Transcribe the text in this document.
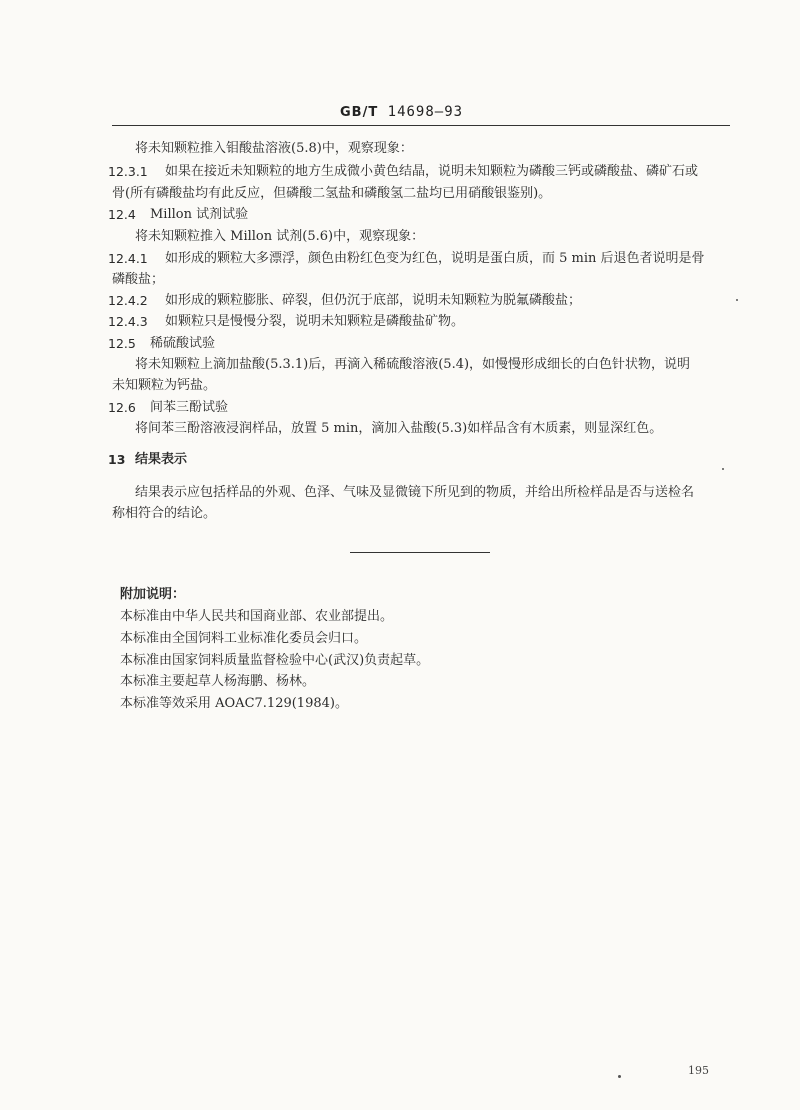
GB/T 14698—93
将未知颗粒推入钼酸盐溶液(5.8)中，观察现象：
12.3.1 如果在接近未知颗粒的地方生成微小黄色结晶，说明未知颗粒为磷酸三钙或磷酸盐、磷矿石或
骨(所有磷酸盐均有此反应，但磷酸二氢盐和磷酸氢二盐均已用硝酸银鉴别)。
12.4 Millon 试剂试验
将未知颗粒推入 Millon 试剂(5.6)中，观察现象：
12.4.1 如形成的颗粒大多漂浮，颜色由粉红色变为红色，说明是蛋白质，而 5 min 后退色者说明是骨
磷酸盐；
12.4.2 如形成的颗粒膨胀、碎裂，但仍沉于底部，说明未知颗粒为脱氟磷酸盐；
12.4.3 如颗粒只是慢慢分裂，说明未知颗粒是磷酸盐矿物。
12.5 稀硫酸试验
将未知颗粒上滴加盐酸(5.3.1)后，再滴入稀硫酸溶液(5.4)，如慢慢形成细长的白色针状物，说明
未知颗粒为钙盐。
12.6 间苯三酚试验
将间苯三酚溶液浸润样品，放置 5 min，滴加入盐酸(5.3)如样品含有木质素，则显深红色。
13 结果表示
结果表示应包括样品的外观、色泽、气味及显微镜下所见到的物质，并给出所检样品是否与送检名
称相符合的结论。
附加说明：
本标准由中华人民共和国商业部、农业部提出。
本标准由全国饲料工业标准化委员会归口。
本标准由国家饲料质量监督检验中心(武汉)负责起草。
本标准主要起草人杨海鹏、杨林。
本标准等效采用 AOAC7.129(1984)。
195
